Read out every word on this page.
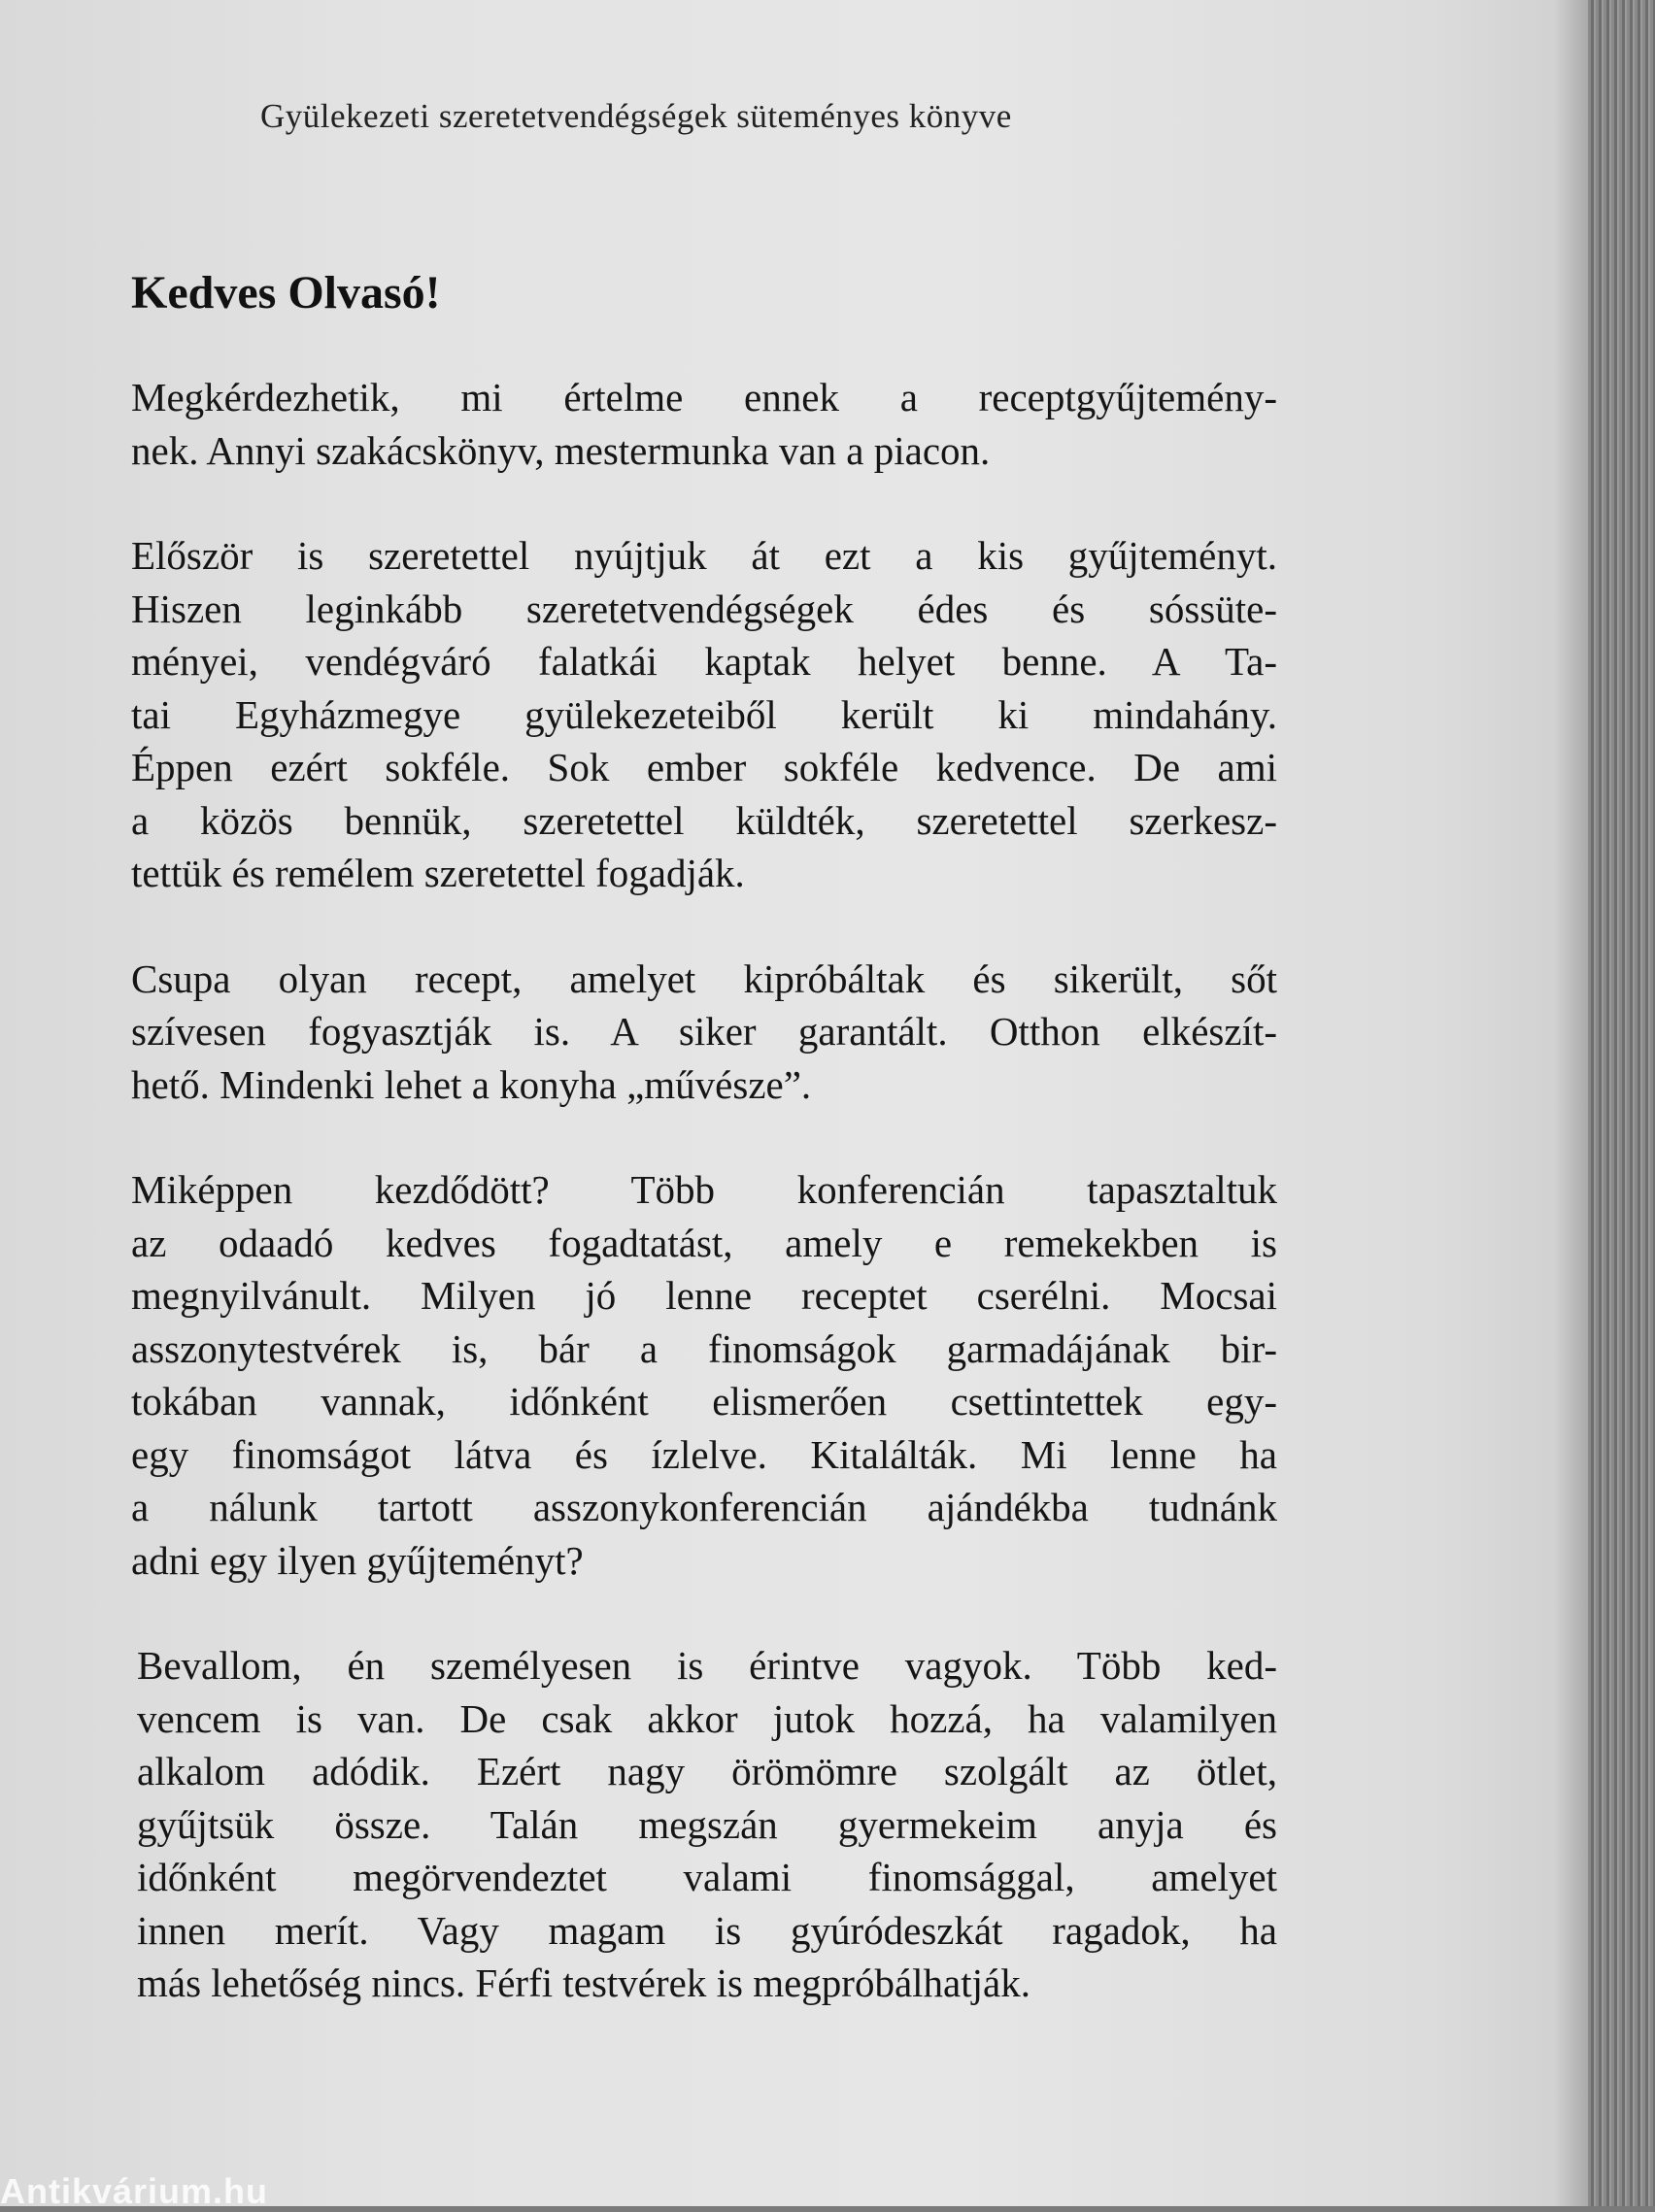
Gyülekezeti szeretetvendégségek süteményes könyve
Kedves Olvasó!

Megkérdezhetik, mi értelme ennek a receptgyűjtemény-
nek. Annyi szakácskönyv, mestermunka van a piacon.

Először is szeretettel nyújtjuk át ezt a kis gyűjteményt.
Hiszen leginkább szeretetvendégségek édes és sóssüte-
ményei, vendégváró falatkái kaptak helyet benne. A Ta-
tai Egyházmegye gyülekezeteiből került ki mindahány.
Éppen ezért sokféle. Sok ember sokféle kedvence. De ami
a közös bennük, szeretettel küldték, szeretettel szerkesz-
tettük és remélem szeretettel fogadják.

Csupa olyan recept, amelyet kipróbáltak és sikerült, sőt
szívesen fogyasztják is. A siker garantált. Otthon elkészít-
hető. Mindenki lehet a konyha „művésze”.

Miképpen kezdődött? Több konferencián tapasztaltuk
az odaadó kedves fogadtatást, amely e remekekben is
megnyilvánult. Milyen jó lenne receptet cserélni. Mocsai
asszonytestvérek is, bár a finomságok garmadájának bir-
tokában vannak, időnként elismerően csettintettek egy-
egy finomságot látva és ízlelve. Kitalálták. Mi lenne ha
a nálunk tartott asszonykonferencián ajándékba tudnánk
adni egy ilyen gyűjteményt?

Bevallom, én személyesen is érintve vagyok. Több ked-
vencem is van. De csak akkor jutok hozzá, ha valamilyen
alkalom adódik. Ezért nagy örömömre szolgált az ötlet,
gyűjtsük össze. Talán megszán gyermekeim anyja és
időnként megörvendeztet valami finomsággal, amelyet
innen merít. Vagy magam is gyúródeszkát ragadok, ha
más lehetőség nincs. Férfi testvérek is megpróbálhatják.

Antikvárium.hu
